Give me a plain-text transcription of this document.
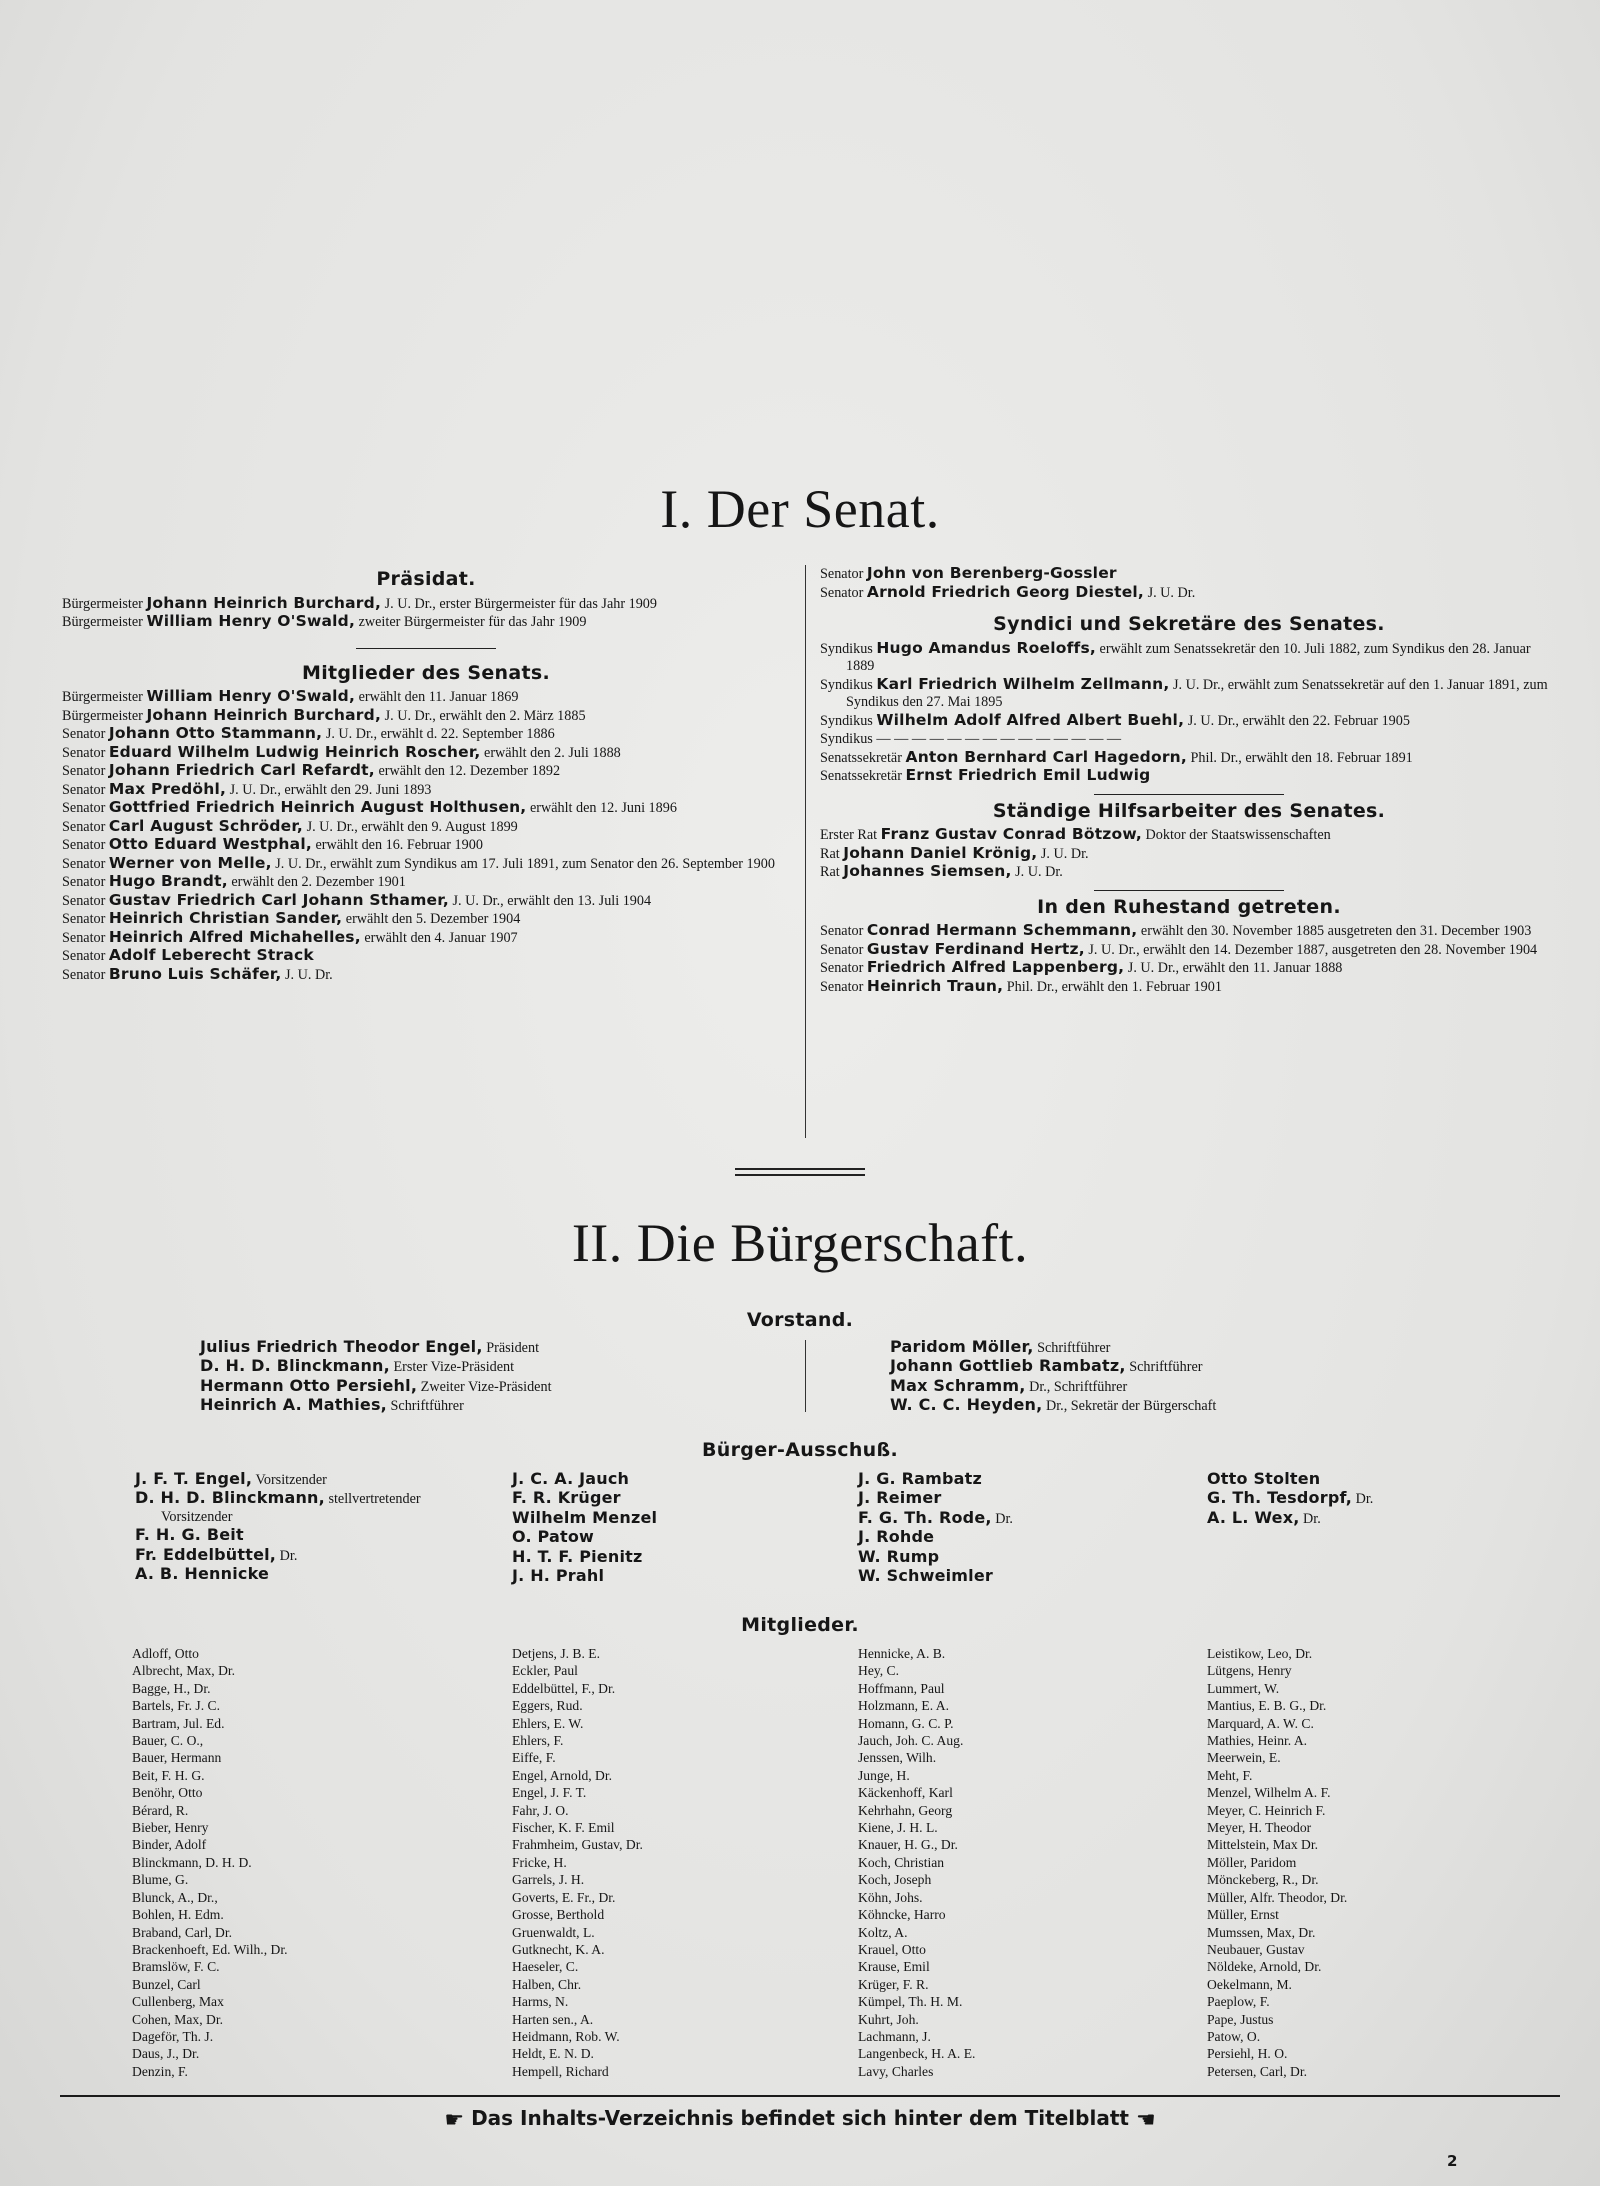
I. Der Senat.
Präsidat.
Bürgermeister Johann Heinrich Burchard, J. U. Dr., erster Bürgermeister für das Jahr 1909
Bürgermeister William Henry O'Swald, zweiter Bürgermeister für das Jahr 1909
Mitglieder des Senats.
Bürgermeister William Henry O'Swald, erwählt den 11. Januar 1869
Bürgermeister Johann Heinrich Burchard, J. U. Dr., erwählt den 2. März 1885
Senator Johann Otto Stammann, J. U. Dr., erwählt d. 22. September 1886
Senator Eduard Wilhelm Ludwig Heinrich Roscher, erwählt den 2. Juli 1888
Senator Johann Friedrich Carl Refardt, erwählt den 12. Dezember 1892
Senator Max Predöhl, J. U. Dr., erwählt den 29. Juni 1893
Senator Gottfried Friedrich Heinrich August Holthusen, erwählt den 12. Juni 1896
Senator Carl August Schröder, J. U. Dr., erwählt den 9. August 1899
Senator Otto Eduard Westphal, erwählt den 16. Februar 1900
Senator Werner von Melle, J. U. Dr., erwählt zum Syndikus am 17. Juli 1891, zum Senator den 26. September 1900
Senator Hugo Brandt, erwählt den 2. Dezember 1901
Senator Gustav Friedrich Carl Johann Sthamer, J. U. Dr., erwählt den 13. Juli 1904
Senator Heinrich Christian Sander, erwählt den 5. Dezember 1904
Senator Heinrich Alfred Michahelles, erwählt den 4. Januar 1907
Senator Adolf Leberecht Strack
Senator Bruno Luis Schäfer, J. U. Dr.
Senator John von Berenberg-Gossler
Senator Arnold Friedrich Georg Diestel, J. U. Dr.
Syndici und Sekretäre des Senates.
Syndikus Hugo Amandus Roeloffs, erwählt zum Senatssekretär den 10. Juli 1882, zum Syndikus den 28. Januar 1889
Syndikus Karl Friedrich Wilhelm Zellmann, J. U. Dr., erwählt zum Senatssekretär auf den 1. Januar 1891, zum Syndikus den 27. Mai 1895
Syndikus Wilhelm Adolf Alfred Albert Buehl, J. U. Dr., erwählt den 22. Februar 1905
Syndikus — — — — — — — — — — — — — —
Senatssekretär Anton Bernhard Carl Hagedorn, Phil. Dr., erwählt den 18. Februar 1891
Senatssekretär Ernst Friedrich Emil Ludwig
Ständige Hilfsarbeiter des Senates.
Erster Rat Franz Gustav Conrad Bötzow, Doktor der Staatswissenschaften
Rat Johann Daniel Krönig, J. U. Dr.
Rat Johannes Siemsen, J. U. Dr.
In den Ruhestand getreten.
Senator Conrad Hermann Schemmann, erwählt den 30. November 1885 ausgetreten den 31. December 1903
Senator Gustav Ferdinand Hertz, J. U. Dr., erwählt den 14. Dezember 1887, ausgetreten den 28. November 1904
Senator Friedrich Alfred Lappenberg, J. U. Dr., erwählt den 11. Januar 1888
Senator Heinrich Traun, Phil. Dr., erwählt den 1. Februar 1901
II. Die Bürgerschaft.
Vorstand.
Julius Friedrich Theodor Engel, Präsident
D. H. D. Blinckmann, Erster Vize-Präsident
Hermann Otto Persiehl, Zweiter Vize-Präsident
Heinrich A. Mathies, Schriftführer
Paridom Möller, Schriftführer
Johann Gottlieb Rambatz, Schriftführer
Max Schramm, Dr., Schriftführer
W. C. C. Heyden, Dr., Sekretär der Bürgerschaft
Bürger-Ausschuß.
J. F. T. Engel, Vorsitzender
D. H. D. Blinckmann, stellvertretender Vorsitzender
F. H. G. Beit
Fr. Eddelbüttel, Dr.
A. B. Hennicke
J. C. A. Jauch
F. R. Krüger
Wilhelm Menzel
O. Patow
H. T. F. Pienitz
J. H. Prahl
J. G. Rambatz
J. Reimer
F. G. Th. Rode, Dr.
J. Rohde
W. Rump
W. Schweimler
Otto Stolten
G. Th. Tesdorpf, Dr.
A. L. Wex, Dr.
Mitglieder.
Adloff, Otto
Albrecht, Max, Dr.
Bagge, H., Dr.
Bartels, Fr. J. C.
Bartram, Jul. Ed.
Bauer, C. O.,
Bauer, Hermann
Beit, F. H. G.
Benöhr, Otto
Bérard, R.
Bieber, Henry
Binder, Adolf
Blinckmann, D. H. D.
Blume, G.
Blunck, A., Dr.,
Bohlen, H. Edm.
Braband, Carl, Dr.
Brackenhoeft, Ed. Wilh., Dr.
Bramslöw, F. C.
Bunzel, Carl
Cullenberg, Max
Cohen, Max, Dr.
Dageför, Th. J.
Daus, J., Dr.
Denzin, F.
Detjens, J. B. E.
Eckler, Paul
Eddelbüttel, F., Dr.
Eggers, Rud.
Ehlers, E. W.
Ehlers, F.
Eiffe, F.
Engel, Arnold, Dr.
Engel, J. F. T.
Fahr, J. O.
Fischer, K. F. Emil
Frahmheim, Gustav, Dr.
Fricke, H.
Garrels, J. H.
Goverts, E. Fr., Dr.
Grosse, Berthold
Gruenwaldt, L.
Gutknecht, K. A.
Haeseler, C.
Halben, Chr.
Harms, N.
Harten sen., A.
Heidmann, Rob. W.
Heldt, E. N. D.
Hempell, Richard
Hennicke, A. B.
Hey, C.
Hoffmann, Paul
Holzmann, E. A.
Homann, G. C. P.
Jauch, Joh. C. Aug.
Jenssen, Wilh.
Junge, H.
Käckenhoff, Karl
Kehrhahn, Georg
Kiene, J. H. L.
Knauer, H. G., Dr.
Koch, Christian
Koch, Joseph
Köhn, Johs.
Köhncke, Harro
Koltz, A.
Krauel, Otto
Krause, Emil
Krüger, F. R.
Kümpel, Th. H. M.
Kuhrt, Joh.
Lachmann, J.
Langenbeck, H. A. E.
Lavy, Charles
Leistikow, Leo, Dr.
Lütgens, Henry
Lummert, W.
Mantius, E. B. G., Dr.
Marquard, A. W. C.
Mathies, Heinr. A.
Meerwein, E.
Meht, F.
Menzel, Wilhelm A. F.
Meyer, C. Heinrich F.
Meyer, H. Theodor
Mittelstein, Max Dr.
Möller, Paridom
Mönckeberg, R., Dr.
Müller, Alfr. Theodor, Dr.
Müller, Ernst
Mumssen, Max, Dr.
Neubauer, Gustav
Nöldeke, Arnold, Dr.
Oekelmann, M.
Paeplow, F.
Pape, Justus
Patow, O.
Persiehl, H. O.
Petersen, Carl, Dr.
☛ Das Inhalts-Verzeichnis befindet sich hinter dem Titelblatt ☛
2
